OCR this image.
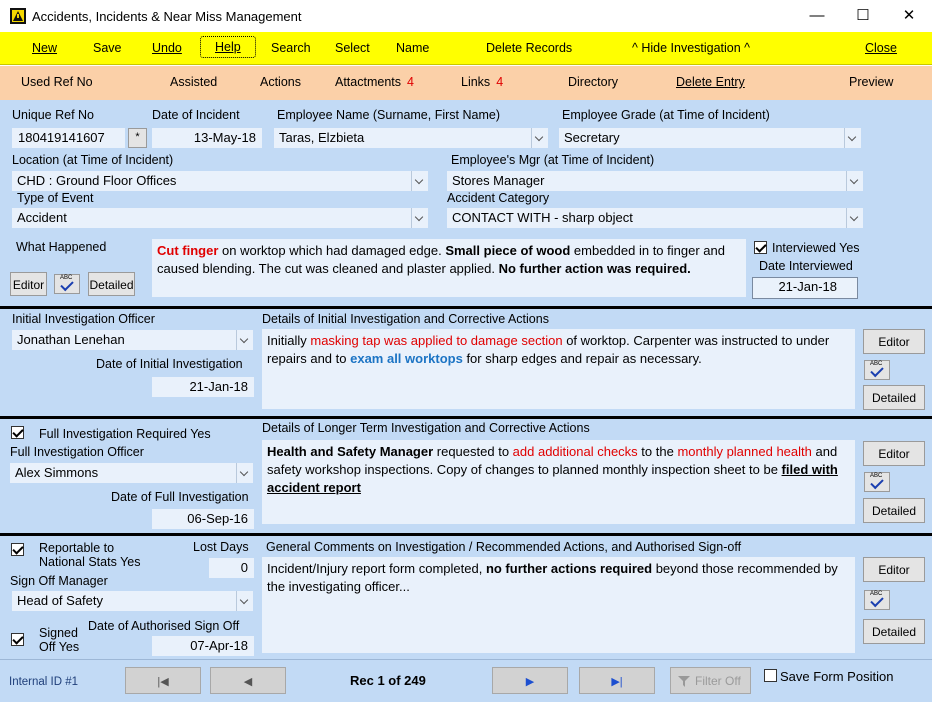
Accidents, Incidents & Near Miss Management	—	☐	✕
New	Save Undo	Help	Search Select Name	Delete Records	^ Hide Investigation ^	Close
Used Ref No	Assisted	Actions	Attactments 4	Links 4	Directory	Delete Entry	Preview
Unique Ref No
180419141607	*
Date of Incident
13-May-18
Employee Name (Surname, First Name)
Taras, Elzbieta
Employee Grade (at Time of Incident)
Secretary
Location (at Time of Incident)
CHD : Ground Floor Offices
Employee's Mgr (at Time of Incident)
Stores Manager
Type of Event
Accident
Accident Category
CONTACT WITH - sharp object
What Happened	Cut finger on worktop which had damaged edge. Small piece of wood embedded in to finger and caused blending. The cut was cleaned and plaster applied. No further action was required.
Editor	ABC Detailed
Interviewed Yes
Date Interviewed
21-Jan-18
Initial Investigation Officer
Jonathan Lenehan
Date of Initial Investigation
21-Jan-18
Details of Initial Investigation and Corrective Actions
Initially masking tap was applied to damage section of worktop. Carpenter was instructed to under repairs and to exam all worktops for sharp edges and repair as necessary.
Editor
ABC
Detailed
Full Investigation Required Yes
Full Investigation Officer
Alex Simmons
Date of Full Investigation
06-Sep-16
Details of Longer Term Investigation and Corrective Actions
Health and Safety Manager requested to add additional checks to the monthly planned health and safety workshop inspections. Copy of changes to planned monthly inspection sheet to be filed with accident report
Editor
ABC
Detailed
Reportable to
National Stats Yes
Lost Days
0
Sign Off Manager
Head of Safety
Signed
Off Yes
Date of Authorised Sign Off
07-Apr-18
General Comments on Investigation / Recommended Actions, and Authorised Sign-off
Incident/Injury report form completed, no further actions required beyond those recommended by the investigating officer...
Editor
ABC
Detailed
Internal ID #1	|◀	◀	Rec 1 of 249	▶	▶|	Filter Off	Save Form Position
